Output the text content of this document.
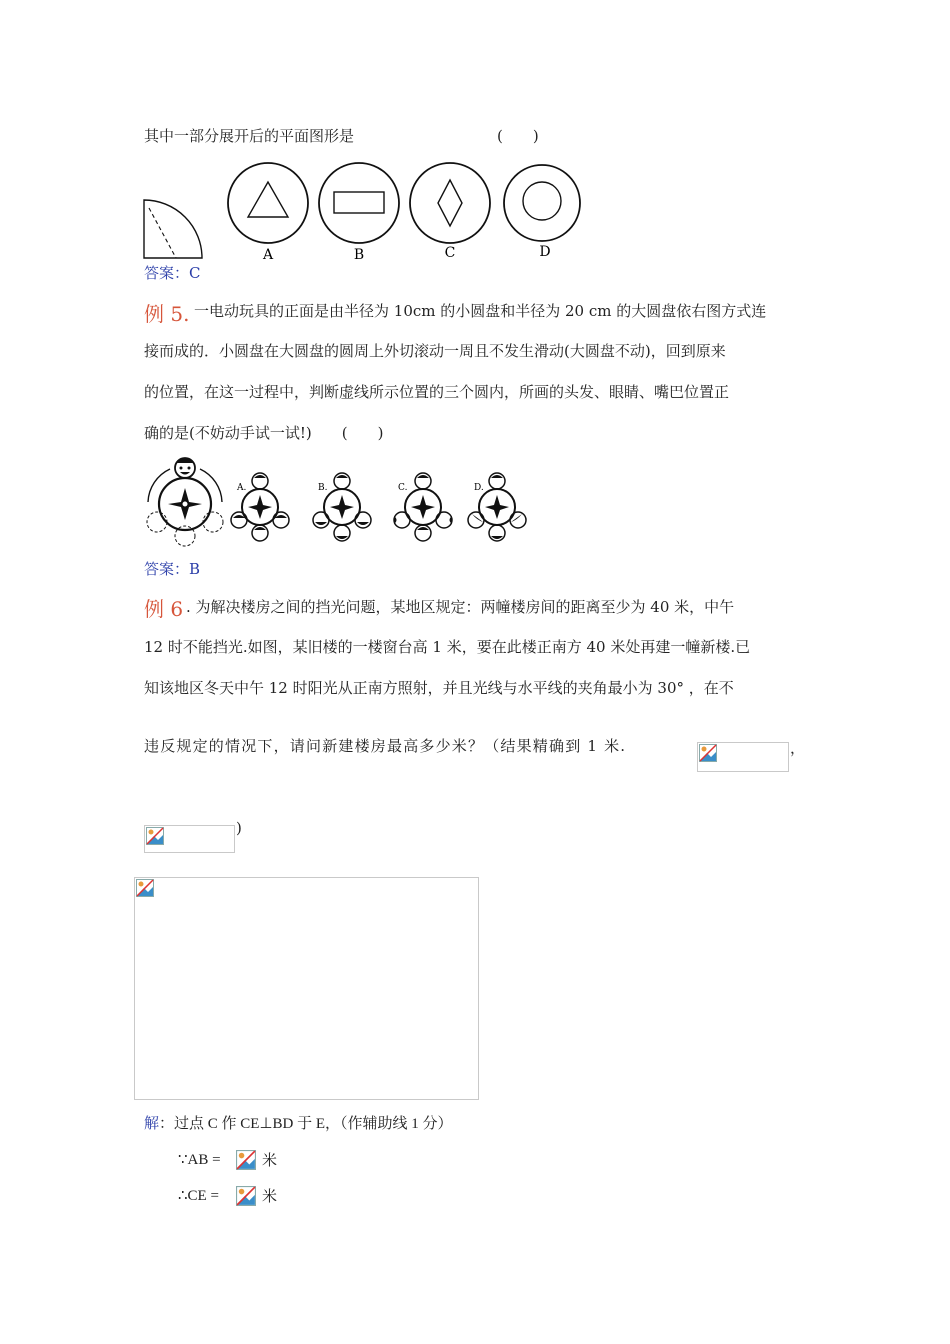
其中一部分展开后的平面图形是	(　　)
A	B	C	D
答案：C
例 5. 一电动玩具的正面是由半径为 10cm 的小圆盘和半径为 20 cm 的大圆盘依右图方式连
接而成的．小圆盘在大圆盘的圆周上外切滚动一周且不发生滑动(大圆盘不动)，回到原来
的位置，在这一过程中，判断虚线所示位置的三个圆内，所画的头发、眼睛、嘴巴位置正
确的是(不妨动手试一试!)　　(　　)
A.	B.	C.	D.
答案：B
例 6 . 为解决楼房之间的挡光问题，某地区规定：两幢楼房间的距离至少为 40 米，中午
12 时不能挡光.如图，某旧楼的一楼窗台高 1 米，要在此楼正南方 40 米处再建一幢新楼.已
知该地区冬天中午 12 时阳光从正南方照射，并且光线与水平线的夹角最小为 30° ，在不
违反规定的情况下，请问新建楼房最高多少米？（结果精确到 1 米.	，
)
解：过点 C 作 CE⊥BD 于 E，（作辅助线 1 分）
∵AB =	米
∴CE =	米
